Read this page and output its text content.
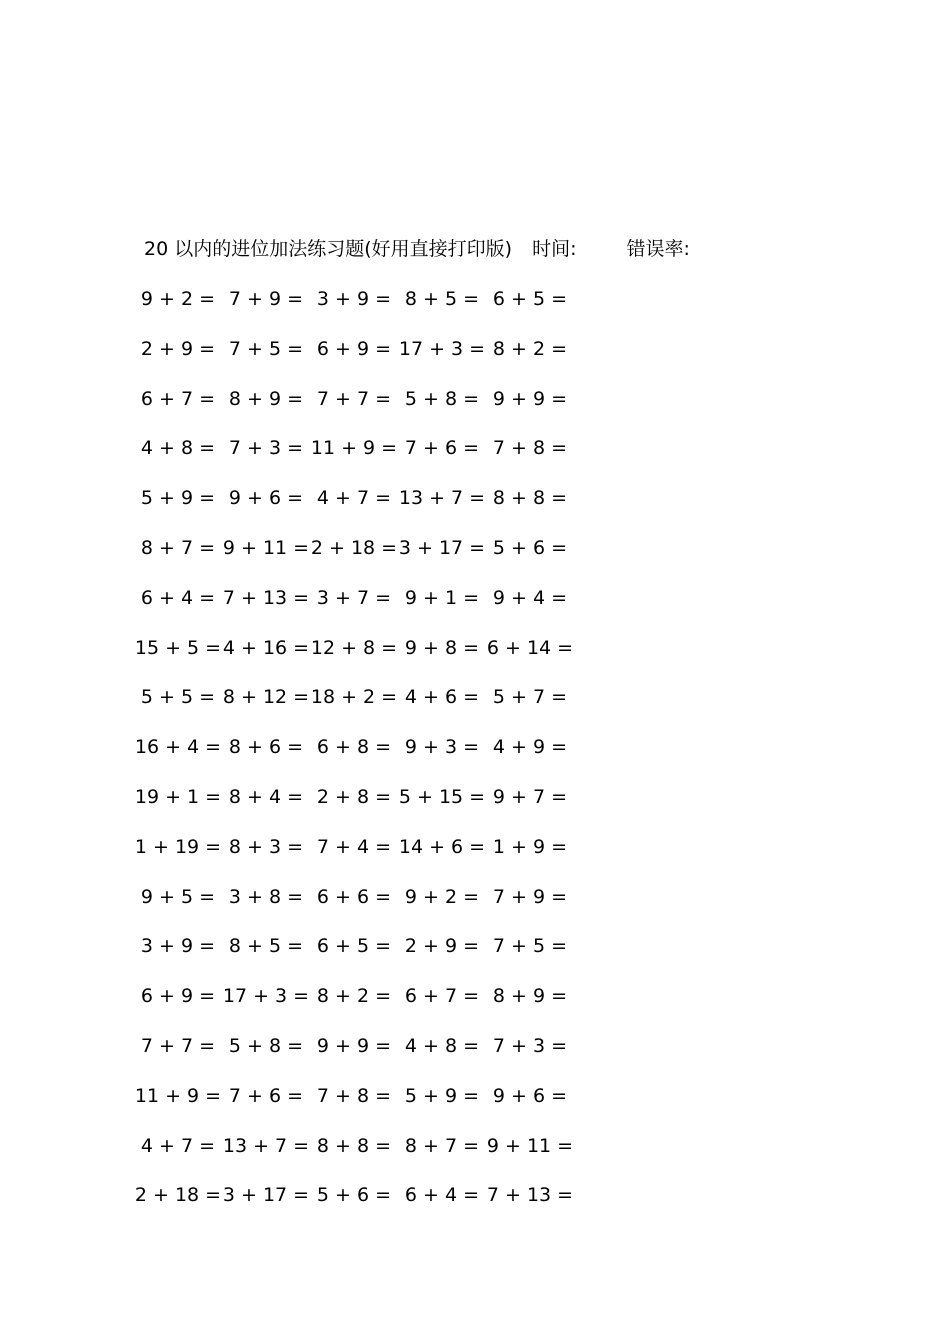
20 以内的进位加法练习题(好用直接打印版) 时间:	错误率:
9 + 2 = 7 + 9 = 3 + 9 = 8 + 5 = 6 + 5 =
2 + 9 = 7 + 5 = 6 + 9 = 17 + 3 = 8 + 2 =
6 + 7 = 8 + 9 = 7 + 7 = 5 + 8 = 9 + 9 =
4 + 8 = 7 + 3 = 11 + 9 = 7 + 6 = 7 + 8 =
5 + 9 = 9 + 6 = 4 + 7 = 13 + 7 = 8 + 8 =
8 + 7 = 9 + 11 = 2 + 18 = 3 + 17 = 5 + 6 =
6 + 4 = 7 + 13 = 3 + 7 = 9 + 1 = 9 + 4 =
15 + 5 = 4 + 16 = 12 + 8 = 9 + 8 = 6 + 14 =
5 + 5 = 8 + 12 = 18 + 2 = 4 + 6 = 5 + 7 =
16 + 4 = 8 + 6 = 6 + 8 = 9 + 3 = 4 + 9 =
19 + 1 = 8 + 4 = 2 + 8 = 5 + 15 = 9 + 7 =
1 + 19 = 8 + 3 = 7 + 4 = 14 + 6 = 1 + 9 =
9 + 5 = 3 + 8 = 6 + 6 = 9 + 2 = 7 + 9 =
3 + 9 = 8 + 5 = 6 + 5 = 2 + 9 = 7 + 5 =
6 + 9 = 17 + 3 = 8 + 2 = 6 + 7 = 8 + 9 =
7 + 7 = 5 + 8 = 9 + 9 = 4 + 8 = 7 + 3 =
11 + 9 = 7 + 6 = 7 + 8 = 5 + 9 = 9 + 6 =
4 + 7 = 13 + 7 = 8 + 8 = 8 + 7 = 9 + 11 =
2 + 18 = 3 + 17 = 5 + 6 = 6 + 4 = 7 + 13 =
